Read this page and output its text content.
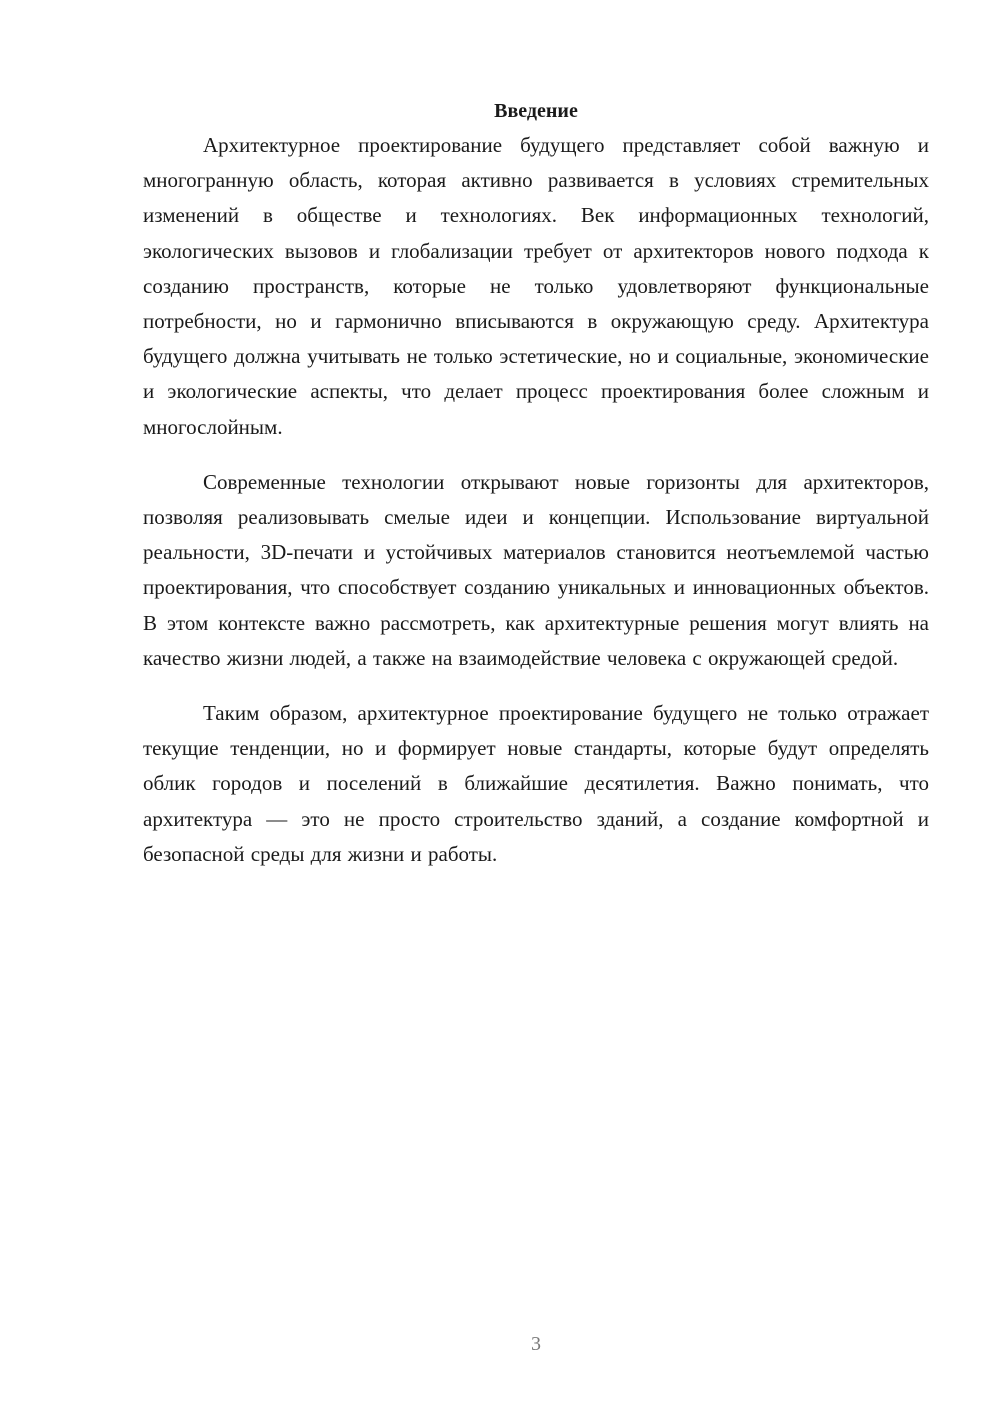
Введение

Архитектурное проектирование будущего представляет собой важную и многогранную область, которая активно развивается в условиях стремительных изменений в обществе и технологиях. Век информационных технологий, экологических вызовов и глобализации требует от архитекторов нового подхода к созданию пространств, которые не только удовлетворяют функциональные потребности, но и гармонично вписываются в окружающую среду. Архитектура будущего должна учитывать не только эстетические, но и социальные, экономические и экологические аспекты, что делает процесс проектирования более сложным и многослойным.

Современные технологии открывают новые горизонты для архитекторов, позволяя реализовывать смелые идеи и концепции. Использование виртуальной реальности, 3D-печати и устойчивых материалов становится неотъемлемой частью проектирования, что способствует созданию уникальных и инновационных объектов. В этом контексте важно рассмотреть, как архитектурные решения могут влиять на качество жизни людей, а также на взаимодействие человека с окружающей средой.

Таким образом, архитектурное проектирование будущего не только отражает текущие тенденции, но и формирует новые стандарты, которые будут определять облик городов и поселений в ближайшие десятилетия. Важно понимать, что архитектура — это не просто строительство зданий, а создание комфортной и безопасной среды для жизни и работы.

3
